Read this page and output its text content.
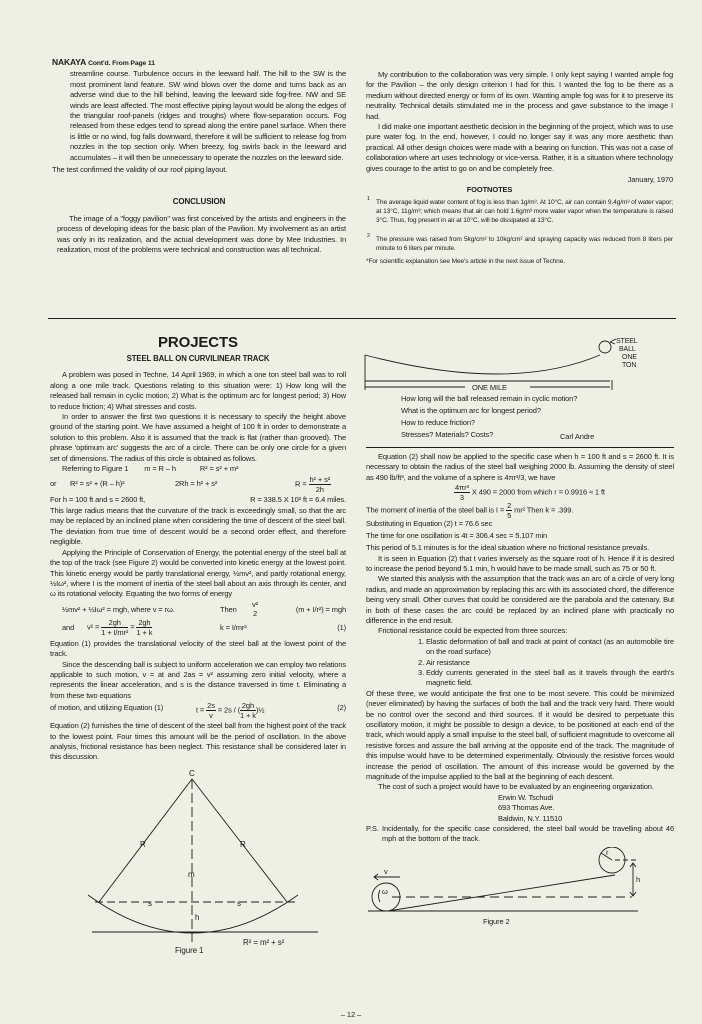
NAKAYA Cont'd. From Page 11

streamline course. Turbulence occurs in the leeward half. The hill to the SW is the most prominent land feature. SW wind blows over the dome and turns back as an adverse wind due to the hill behind, leaving the leeward side fog-free. NW and SE winds are least affected. The most effective piping layout would be along the edges of the triangular roof-panels (ridges and troughs) where flow-separation occurs. Fog released from these edges tend to spread along the entire panel surface. When there is little or no wind, fog falls downward, therefore it will be sufficient to release fog from nozzles in the top section only. When breezy, fog swirls back in the leeward and accumulates – it will then be unnecessary to operate the nozzles on the leeward side.

The test confirmed the validity of our roof piping layout.

CONCLUSION

The image of a "foggy pavilion" was first conceived by the artists and engineers in the process of developing ideas for the basic plan of the Pavilion. My involvement as an artist was only in its realization, and the actual development was done by Mee Industries. In realization, most of the problems were technical and construction was all technical.

My contribution to the collaboration was very simple. I only kept saying I wanted ample fog for the Pavilion – the only design criterion I had for this. I wanted the fog to be there as a medium without directed energy or form of its own. Wanting ample fog was for it to preserve its neutrality. Technical details stimulated me in the process and gave substance to the image I had.

I did make one important aesthetic decision in the beginning of the project, which was to use pure water fog. In the end, however, I could no longer say it was any more aesthetic than practical. All other design choices were made with a bearing on function. This was not a case of collaboration where art uses technology or vice-versa. Rather, it is a situation where technology gives courage to the artist to go on and be completely free.

January, 1970
FOOTNOTES
1 The average liquid water content of fog is less than 1g/m³. At 10°C, air can contain 9.4g/m³ of water vapor; at 13°C, 11g/m³; which means that air can hold 1.6g/m³ more water vapor when the temperature is raised 3°C. Thus, fog present in air at 10°C, will be dissipated at 13°C.
2 The pressure was raised from 5kg/cm² to 10kg/cm² and spraying capacity was reduced from 8 liters per minute to 6 liters per minute.
*For scientific explanation see Mee's article in the next issue of Techne.
PROJECTS
STEEL BALL ON CURVILINEAR TRACK

A problem was posed in Techne, 14 April 1969, in which a one ton steel ball was to roll along a one mile track. Questions relating to this situation were: 1) How long will the released ball remain in cyclic motion; 2) What is the optimum arc for longest period; 3) How to reduce friction; 4) What stresses and costs.

In order to answer the first two questions it is necessary to specify the height above ground of the starting point. We have assumed a height of 100 ft in order to demonstrate a solution to this problem. Also it is assumed that the track is flat (rather than grooved). The phrase 'optimum arc' suggests the arc of a circle. There can be only one circle for a given set of dimensions. The radius of this circle is obtained as follows.

Referring to Figure 1 m = R – h	R² = s² + m²
or R² = s² + (R – h)²	2Rh = h² + s²	$R = \frac{\text{h² + s²}}{2h}$
For h = 100 ft and s = 2600 ft,	R = 338.5 X 10² ft = 6.4 miles.

This large radius means that the curvature of the track is exceedingly small, so that the arc may be replaced by an inclined plane when considering the time of descent of the steel ball. The deviation from true time of descent would be a second order effect, and therefore negligible.

Applying the Principle of Conservation of Energy, the potential energy of the steel ball at the top of the track (see Figure 2) would be converted into kinetic energy at the lowest point. This kinetic energy would be partly translational energy, ½mv², and partly rotational energy, ½Iω², where I is the moment of inertia of the steel ball about an axis through its center, and ω its rotational velocity. Equating the two forms of energy

½mv² + ½Iω² = mgh, where v = rω.	Then
v²
2	(m + I/r²) = mgh
and $v^2 = \frac{2gh}{\text{1 + I/mr²}} = \frac{2gh}{1 + k}$	k = I/mr²	(1)

Equation (1) provides the translational velocity of the steel ball at the lowest point of the track.

Since the descending ball is subject to uniform acceleration we can employ two relations applicable to such motion, v = at and 2as = v² assuming zero initial velocity, where a represents the linear acceleration, and s is the distance traversed in time t. Eliminating a from these two equations

of motion, and utilizing Equation (1)	$t = \frac{2s}{v} = 2s$ / ( $\frac{2gh}{1 + k}$ )½	(2)

Equation (2) furnishes the time of descent of the steel ball from the highest point of the track to the lowest point. Four times this amount will be the period of oscillation. In the above analysis, frictional resistance has been neglect. This resistance shall be considered later in this discussion.

C
R	R
m
s	s
h
R² = m² + s²
Figure 1
ONE MILE
STEEL
BALL
ONE
TON
How long will the ball released remain in cyclic motion?
What is the optimum arc for longest period?
How to reduce friction?
Stresses? Materials? Costs?	Carl Andre

Equation (2) shall now be applied to the specific case when h = 100 ft and s = 2600 ft. It is necessary to obtain the radius of the steel ball weighing 2000 lb. Assuming the density of steel as 490 lb/ft³, and the volume of a sphere is 4πr³/3, we have

$\frac{\text{4πr³}}{3}$ X 490 = 2000 from which r = 0.9916 ≈ 1 ft
The moment of inertia of the steel ball is $I = \frac{2}{5} mr^2$ Then k = .399.
Substituting in Equation (2) t = 76.6 sec
The time for one oscillation is 4t = 306.4 sec = 5.107 min

This period of 5.1 minutes is for the ideal situation where no frictional resistance prevails.

It is seen in Equation (2) that t varies inversely as the square root of h. Hence if it is desired to increase the period beyond 5.1 min, h would have to be made small, such as 75 or 50 ft.

We started this analysis with the assumption that the track was an arc of a circle of very long radius, and made an approximation by replacing this arc with its associated chord, the difference being very small. Other curves that could be considered are the parabola and the catenary. But in both of these cases the arc could be replaced by an inclined plane with practically no difference in the end result.

Frictional resistance could be expected from three sources:

1. Elastic deformation of ball and track at point of contact (as an automobile tire on the road surface)
2. Air resistance
3. Eddy currents generated in the steel ball as it travels through the earth's magnetic field.

Of these three, we would anticipate the first one to be most severe. This could be minimized (never eliminated) by having the surfaces of both the ball and the track very hard. There would be no control over the second and third sources. If it would be desired to perpetuate this oscillatory motion, it might be possible to design a device, to be positioned at each end of the track, which would apply a small impulse to the steel ball, of sufficient magnitude to overcome all resistive forces and assure the ball arriving at the opposite end of the track. The magnitude of this impulse would have to be determined experimentally. Obviously the resistive forces would increase the period of oscillation. The amount of this increase would be governed by the magnitude of the impulse applied to the ball at the beginning of each descent.

The cost of such a project would have to be evaluated by an engineering organization.

Erwin W. Tschudi
693 Thomas Ave.
Baldwin, N.Y. 11510
P.S. Incidentally, for the specific case considered, the steel ball would be travelling about 46 mph at the bottom of the track.

v
ω
r
h
Figure 2
– 12 –
